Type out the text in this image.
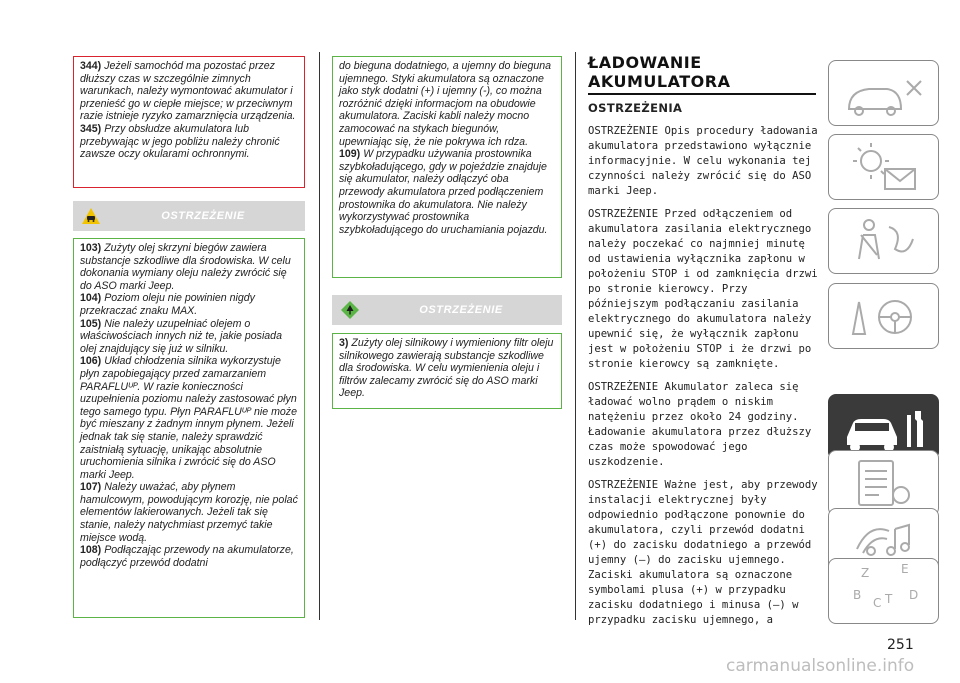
344) Jeżeli samochód ma pozostać przez dłuższy czas w szczególnie zimnych warunkach, należy wymontować akumulator i przenieść go w ciepłe miejsce; w przeciwnym razie istnieje ryzyko zamarznięcia urządzenia.

345) Przy obsłudze akumulatora lub przebywając w jego pobliżu należy chronić zawsze oczy okularami ochronnymi.

OSTRZEŻENIE

103) Zużyty olej skrzyni biegów zawiera substancje szkodliwe dla środowiska. W celu dokonania wymiany oleju należy zwrócić się do ASO marki Jeep.

104) Poziom oleju nie powinien nigdy przekraczać znaku MAX.

105) Nie należy uzupełniać olejem o właściwościach innych niż te, jakie posiada olej znajdujący się już w silniku.

106) Układ chłodzenia silnika wykorzystuje płyn zapobiegający przed zamarzaniem PARAFLUᵁᴾ. W razie konieczności uzupełnienia poziomu należy zastosować płyn tego samego typu. Płyn PARAFLUᵁᴾ nie może być mieszany z żadnym innym płynem. Jeżeli jednak tak się stanie, należy sprawdzić zaistniałą sytuację, unikając absolutnie uruchomienia silnika i zwrócić się do ASO marki Jeep.

107) Należy uważać, aby płynem hamulcowym, powodującym korozję, nie polać elementów lakierowanych. Jeżeli tak się stanie, należy natychmiast przemyć takie miejsce wodą.

108) Podłączając przewody na akumulatorze, podłączyć przewód dodatni

do bieguna dodatniego, a ujemny do bieguna ujemnego. Styki akumulatora są oznaczone jako styk dodatni (+) i ujemny (-), co można rozróżnić dzięki informacjom na obudowie akumulatora. Zaciski kabli należy mocno zamocować na stykach biegunów, upewniając się, że nie pokrywa ich rdza.

109) W przypadku używania prostownika szybkoładującego, gdy w pojeździe znajduje się akumulator, należy odłączyć oba przewody akumulatora przed podłączeniem prostownika do akumulatora. Nie należy wykorzystywać prostownika szybkoładującego do uruchamiania pojazdu.

OSTRZEŻENIE

3) Zużyty olej silnikowy i wymieniony filtr oleju silnikowego zawierają substancje szkodliwe dla środowiska. W celu wymienienia oleju i filtrów zalecamy zwrócić się do ASO marki Jeep.

ŁADOWANIE
AKUMULATORA
OSTRZEŻENIA

OSTRZEŻENIE Opis procedury ładowania akumulatora przedstawiono wyłącznie informacyjnie. W celu wykonania tej czynności należy zwrócić się do ASO marki Jeep.

OSTRZEŻENIE Przed odłączeniem od akumulatora zasilania elektrycznego należy poczekać co najmniej minutę od ustawienia wyłącznika zapłonu w położeniu STOP i od zamknięcia drzwi po stronie kierowcy. Przy późniejszym podłączaniu zasilania elektrycznego do akumulatora należy upewnić się, że wyłącznik zapłonu jest w położeniu STOP i że drzwi po stronie kierowcy są zamknięte.

OSTRZEŻENIE Akumulator zaleca się ładować wolno prądem o niskim natężeniu przez około 24 godziny. Ładowanie akumulatora przez dłuższy czas może spowodować jego uszkodzenie.

OSTRZEŻENIE Ważne jest, aby przewody instalacji elektrycznej były odpowiednio podłączone ponownie do akumulatora, czyli przewód dodatni (+) do zacisku dodatniego a przewód ujemny (–) do zacisku ujemnego. Zaciski akumulatora są oznaczone symbolami plusa (+) w przypadku zacisku dodatniego i minusa (–) w przypadku zacisku ujemnego, a

Z	E
B
C T D
251
carmanualsonline.info
